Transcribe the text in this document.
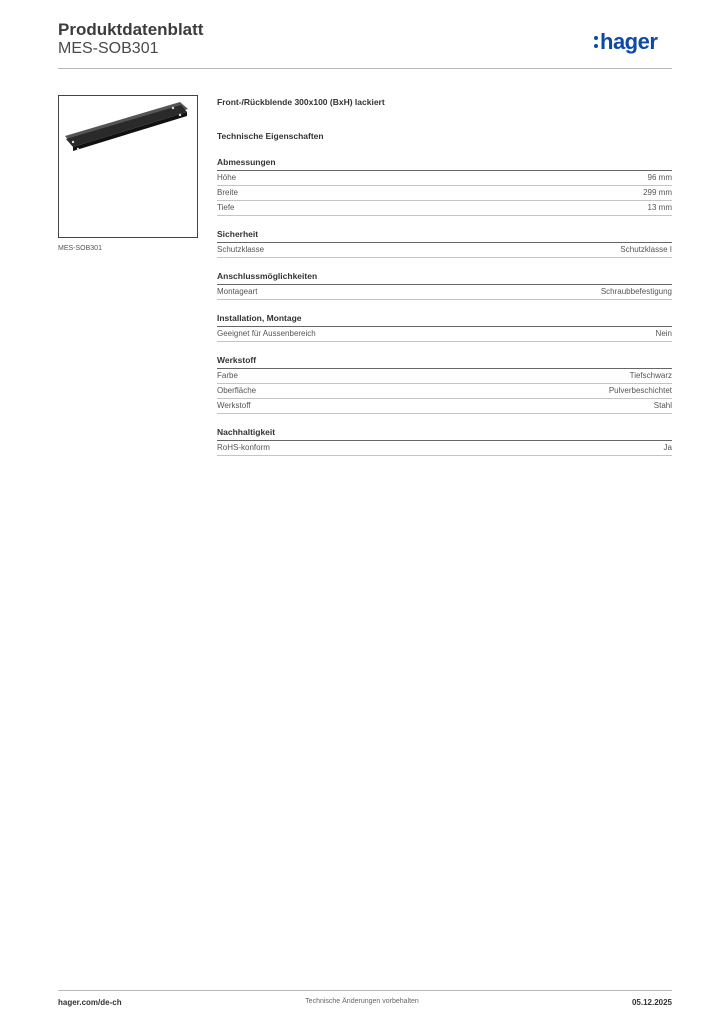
Produktdatenblatt
MES-SOB301	hager
MES-SOB301
Front-/Rückblende 300x100 (BxH) lackiert
Technische Eigenschaften
Abmessungen
Höhe	96 mm
Breite	299 mm
Tiefe	13 mm
Sicherheit
Schutzklasse	Schutzklasse I
Anschlussmöglichkeiten
Montageart	Schraubbefestigung
Installation, Montage
Geeignet für Aussenbereich	Nein
Werkstoff
Farbe	Tiefschwarz
Oberfläche	Pulverbeschichtet
Werkstoff	Stahl
Nachhaltigkeit
RoHS-konform	Ja
hager.com/de-ch	Technische Änderungen vorbehalten	05.12.2025
